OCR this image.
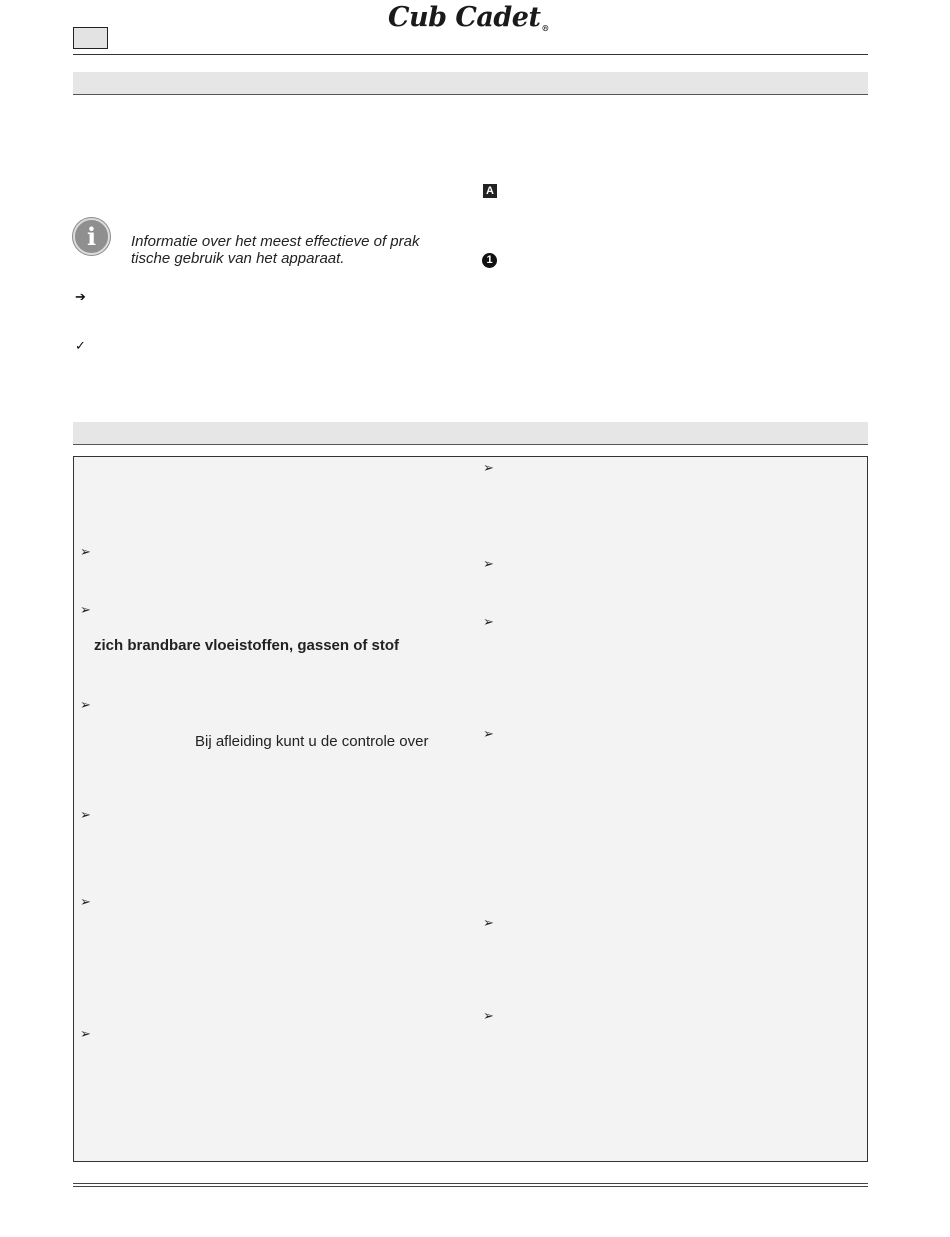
Cub Cadet®
i	Informatie over het meest effectieve of prak
tische gebruik van het apparaat.
➔
✓
A
1
➢
➢
zich brandbare vloeistoffen, gassen of stof
➢
Bij afleiding kunt u de controle over
➢
➢
➢
➢
➢
➢
➢
➢
➢
